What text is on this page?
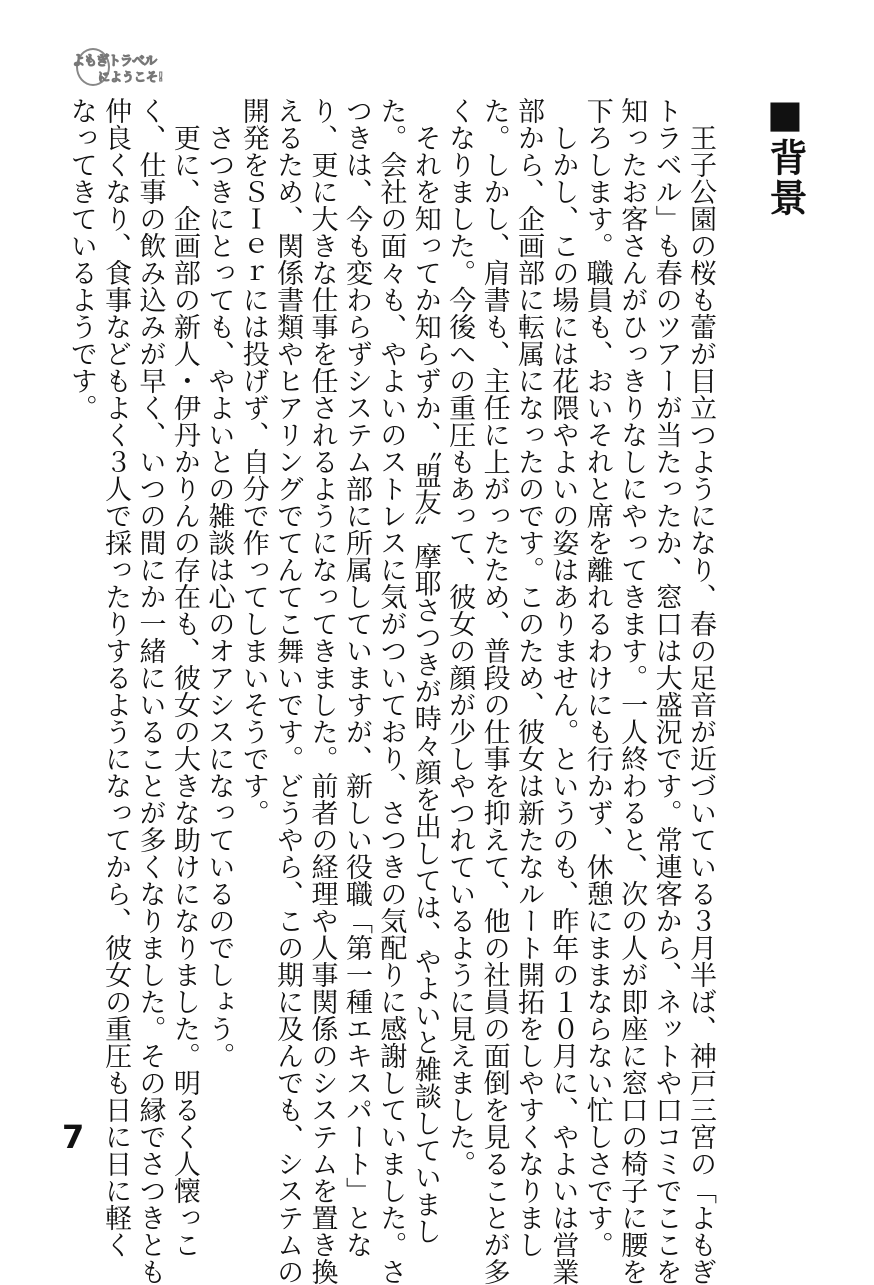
よもぎトラベル
にようこそ!
■背景
王子公園の桜も蕾が目立つようになり、春の足音が近づいている３月半ば、神戸三宮の「よもぎ
トラベル」も春のツアーが当たったか、窓口は大盛況です。常連客から、ネットや口コミでここを
知ったお客さんがひっきりなしにやってきます。一人終わると、次の人が即座に窓口の椅子に腰を
下ろします。職員も、おいそれと席を離れるわけにも行かず、休憩にままならない忙しさです。
しかし、この場には花隈やよいの姿はありません。というのも、昨年の１０月に、やよいは営業
部から、企画部に転属になったのです。このため、彼女は新たなルート開拓をしやすくなりまし
た。しかし、肩書も、主任に上がったため、普段の仕事を抑えて、他の社員の面倒を見ることが多
くなりました。今後への重圧もあって、彼女の顔が少しやつれているように見えました。
それを知ってか知らずか、〝盟友〟摩耶さつきが時々顔を出しては、やよいと雑談していまし
た。会社の面々も、やよいのストレスに気がついており、さつきの気配りに感謝していました。さ
つきは、今も変わらずシステム部に所属していますが、新しい役職「第一種エキスパート」とな
り、更に大きな仕事を任されるようになってきました。前者の経理や人事関係のシステムを置き換
えるため、関係書類やヒアリングでてんてこ舞いです。どうやら、この期に及んでも、システムの
開発をＳＩｅｒには投げず、自分で作ってしまいそうです。
さつきにとっても、やよいとの雑談は心のオアシスになっているのでしょう。
更に、企画部の新人・伊丹かりんの存在も、彼女の大きな助けになりました。明るく人懐っこ
く、仕事の飲み込みが早く、いつの間にか一緒にいることが多くなりました。その縁でさつきとも
仲良くなり、食事などもよく３人で採ったりするようになってから、彼女の重圧も日に日に軽く
なってきているようです。
7
